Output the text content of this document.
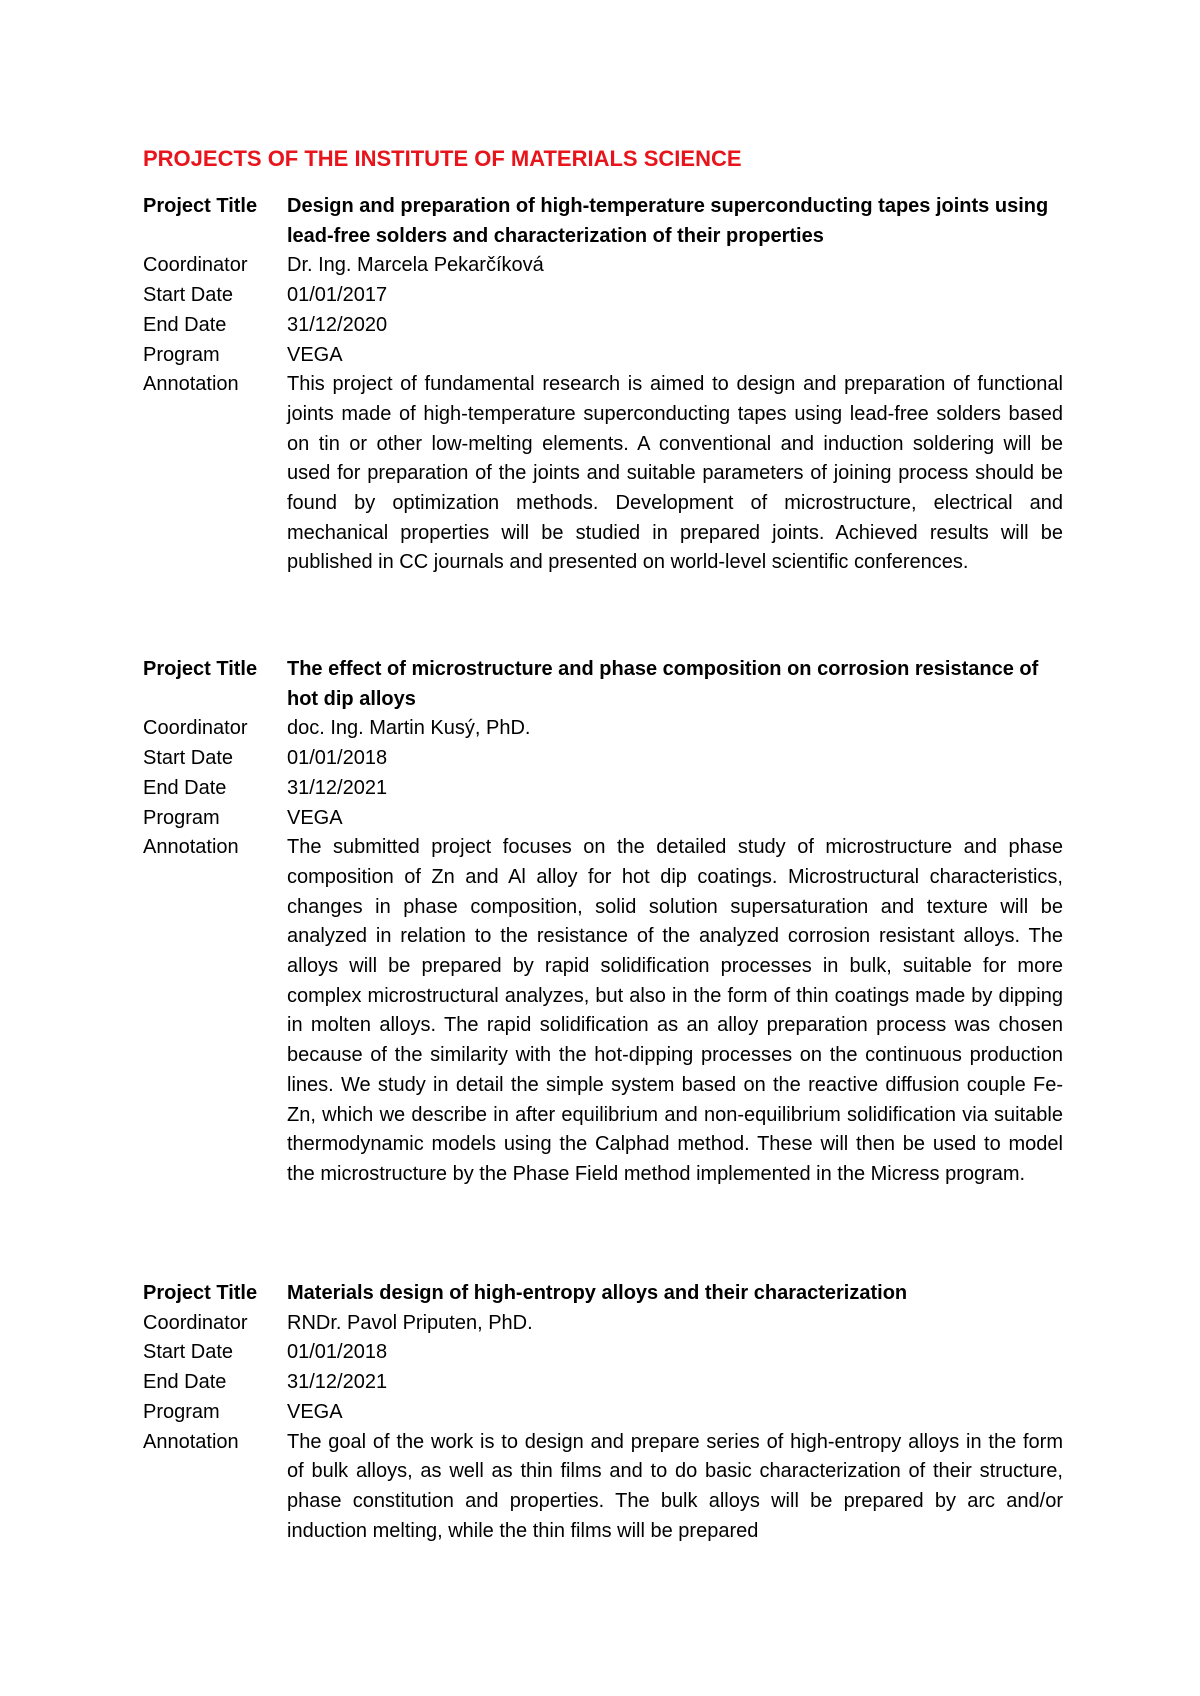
PROJECTS OF THE INSTITUTE OF MATERIALS SCIENCE
Project Title	Design and preparation of high-temperature superconducting tapes joints using lead-free solders and characterization of their properties
Coordinator	Dr. Ing. Marcela Pekarčíková
Start Date	01/01/2017
End Date	31/12/2020
Program	VEGA
Annotation	This project of fundamental research is aimed to design and preparation of functional joints made of high-temperature superconducting tapes using lead-free solders based on tin or other low-melting elements. A conventional and induction soldering will be used for preparation of the joints and suitable parameters of joining process should be found by optimization methods. Development of microstructure, electrical and mechanical properties will be studied in prepared joints. Achieved results will be published in CC journals and presented on world-level scientific conferences.
Project Title	The effect of microstructure and phase composition on corrosion resistance of hot dip alloys
Coordinator	doc. Ing. Martin Kusý, PhD.
Start Date	01/01/2018
End Date	31/12/2021
Program	VEGA
Annotation	The submitted project focuses on the detailed study of microstructure and phase composition of Zn and Al alloy for hot dip coatings. Microstructural characteristics, changes in phase composition, solid solution supersaturation and texture will be analyzed in relation to the resistance of the analyzed corrosion resistant alloys. The alloys will be prepared by rapid solidification processes in bulk, suitable for more complex microstructural analyzes, but also in the form of thin coatings made by dipping in molten alloys. The rapid solidification as an alloy preparation process was chosen because of the similarity with the hot-dipping processes on the continuous production lines. We study in detail the simple system based on the reactive diffusion couple Fe-Zn, which we describe in after equilibrium and non-equilibrium solidification via suitable thermodynamic models using the Calphad method. These will then be used to model the microstructure by the Phase Field method implemented in the Micress program.
Project Title	Materials design of high-entropy alloys and their characterization
Coordinator	RNDr. Pavol Priputen, PhD.
Start Date	01/01/2018
End Date	31/12/2021
Program	VEGA
Annotation	The goal of the work is to design and prepare series of high-entropy alloys in the form of bulk alloys, as well as thin films and to do basic characterization of their structure, phase constitution and properties. The bulk alloys will be prepared by arc and/or induction melting, while the thin films will be prepared
